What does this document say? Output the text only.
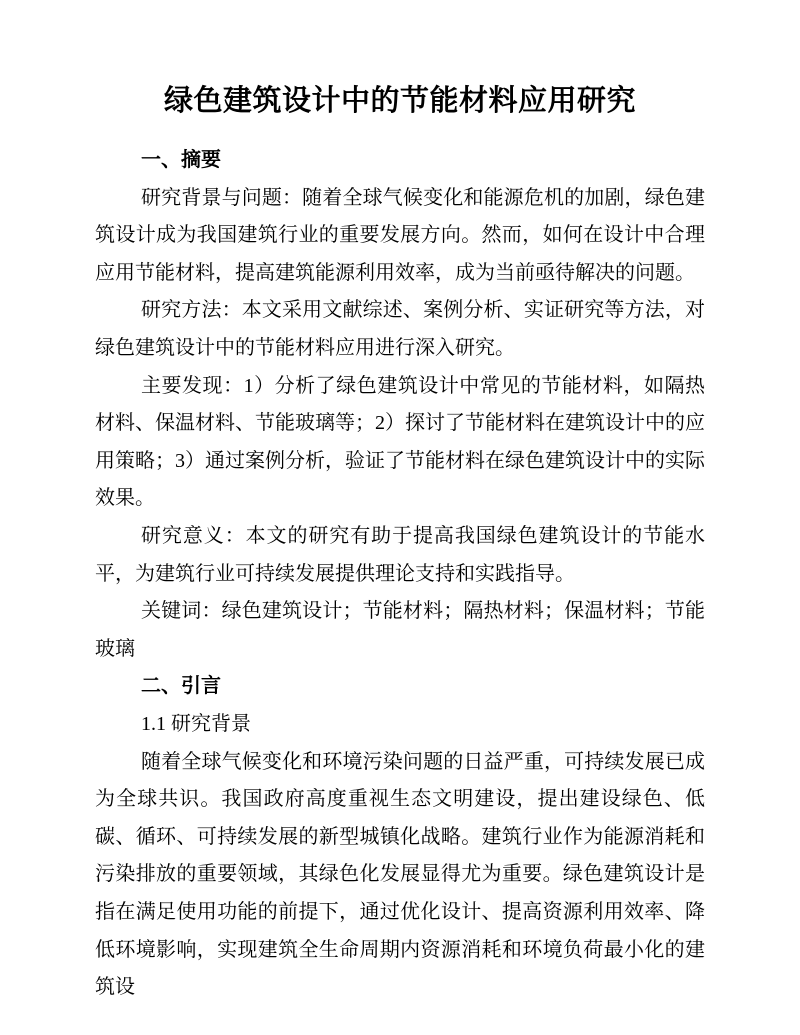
绿色建筑设计中的节能材料应用研究

一、摘要

研究背景与问题：随着全球气候变化和能源危机的加剧，绿色建筑设计成为我国建筑行业的重要发展方向。然而，如何在设计中合理应用节能材料，提高建筑能源利用效率，成为当前亟待解决的问题。

研究方法：本文采用文献综述、案例分析、实证研究等方法，对绿色建筑设计中的节能材料应用进行深入研究。

主要发现：1）分析了绿色建筑设计中常见的节能材料，如隔热材料、保温材料、节能玻璃等；2）探讨了节能材料在建筑设计中的应用策略；3）通过案例分析，验证了节能材料在绿色建筑设计中的实际效果。

研究意义：本文的研究有助于提高我国绿色建筑设计的节能水平，为建筑行业可持续发展提供理论支持和实践指导。

关键词：绿色建筑设计；节能材料；隔热材料；保温材料；节能玻璃

二、引言

1.1 研究背景

随着全球气候变化和环境污染问题的日益严重，可持续发展已成为全球共识。我国政府高度重视生态文明建设，提出建设绿色、低碳、循环、可持续发展的新型城镇化战略。建筑行业作为能源消耗和污染排放的重要领域，其绿色化发展显得尤为重要。绿色建筑设计是指在满足使用功能的前提下，通过优化设计、提高资源利用效率、降低环境影响，实现建筑全生命周期内资源消耗和环境负荷最小化的建筑设
